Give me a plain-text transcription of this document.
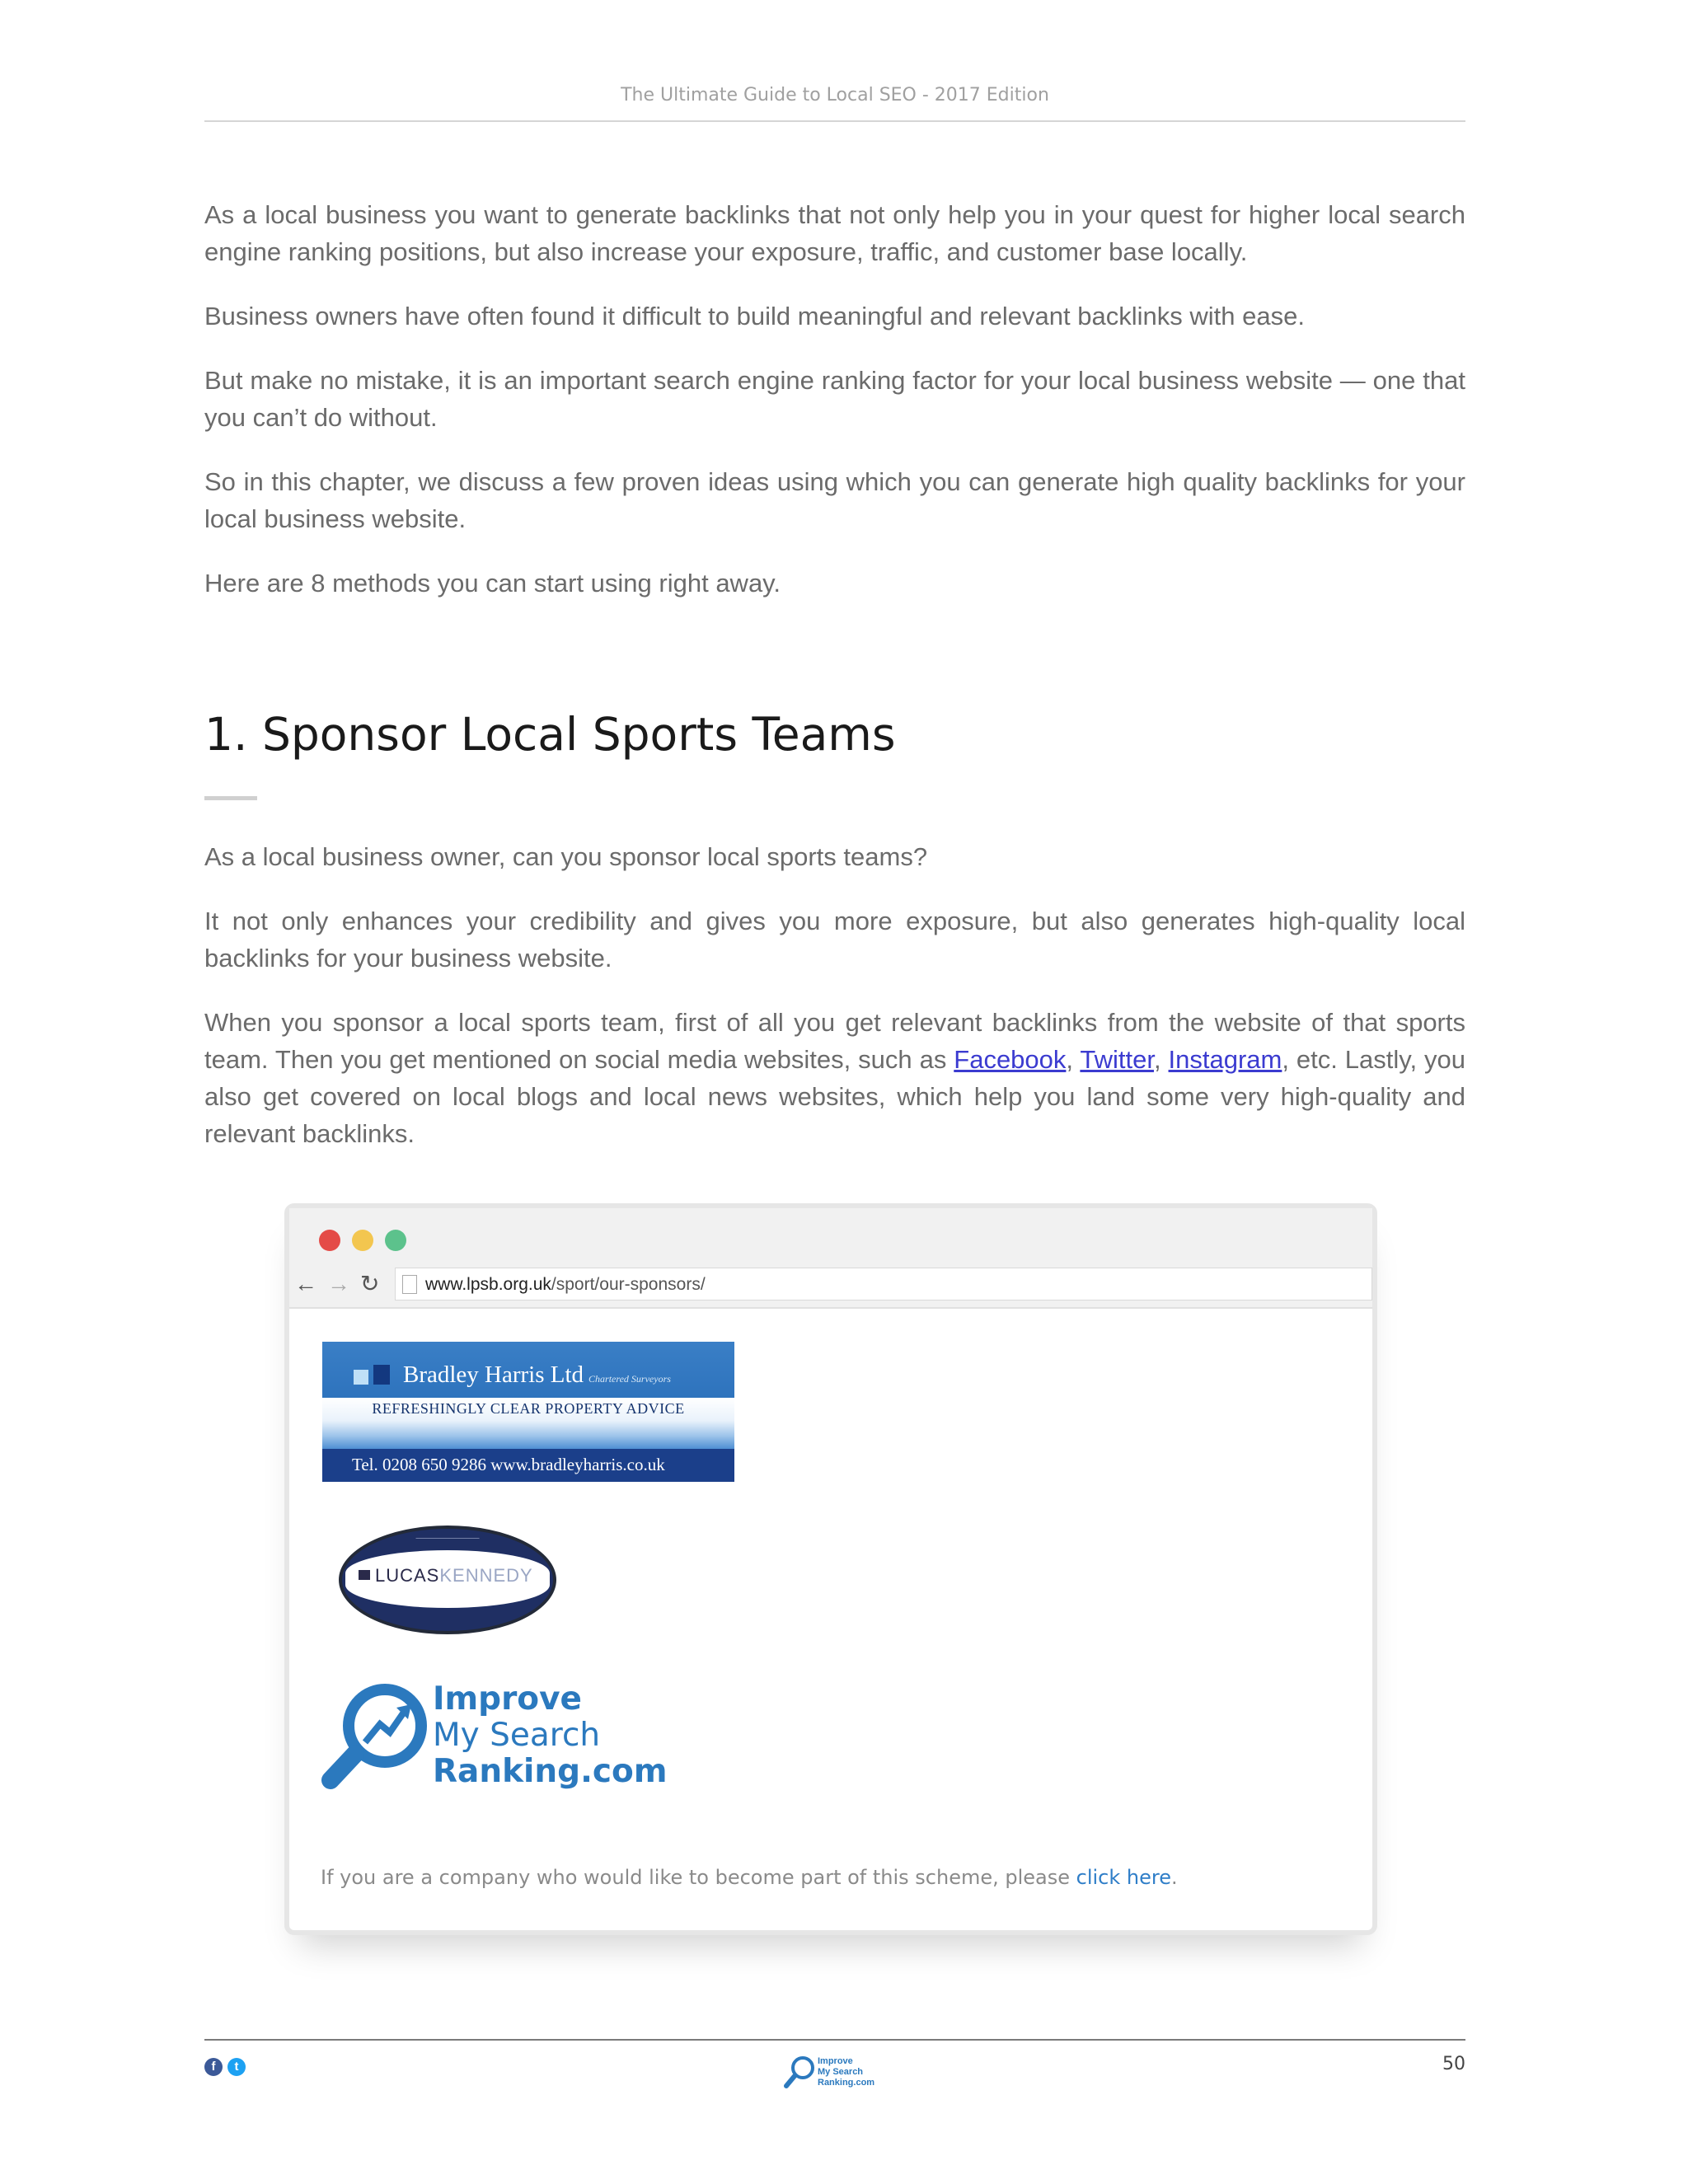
The Ultimate Guide to Local SEO - 2017 Edition

As a local business you want to generate backlinks that not only help you in your quest for higher local search engine ranking positions, but also increase your exposure, traffic, and customer base locally.

Business owners have often found it difficult to build meaningful and relevant backlinks with ease.

But make no mistake, it is an important search engine ranking factor for your local business website — one that you can’t do without.

So in this chapter, we discuss a few proven ideas using which you can generate high quality backlinks for your local business website.

Here are 8 methods you can start using right away.

1. Sponsor Local Sports Teams

As a local business owner, can you sponsor local sports teams?

It not only enhances your credibility and gives you more exposure, but also generates high-quality local backlinks for your business website.

When you sponsor a local sports team, first of all you get relevant backlinks from the website of that sports team. Then you get mentioned on social media websites, such as Facebook, Twitter, Instagram, etc. Lastly, you also get covered on local blogs and local news websites, which help you land some very high-quality and relevant backlinks.

← → ↻	www.lpsb.org.uk/sport/our-sponsors/
Bradley Harris Ltd Chartered Surveyors
REFRESHINGLY CLEAR PROPERTY ADVICE
Tel. 0208 650 9286 www.bradleyharris.co.uk
———————————
LUCASKENNEDY
Improve
My Search
Ranking.com
If you are a company who would like to become part of this scheme, please click here.
f t	Improve
My Search
Ranking.com
50
